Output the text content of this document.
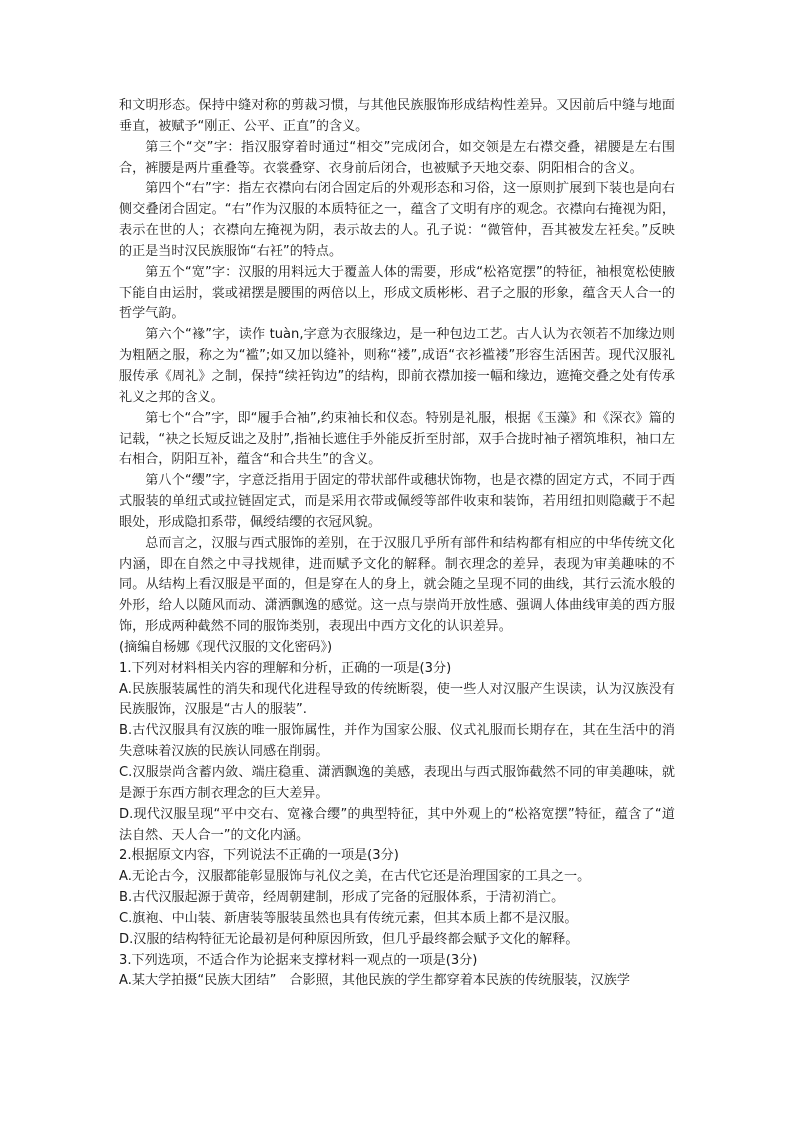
和文明形态。保持中缝对称的剪裁习惯，与其他民族服饰形成结构性差异。又因前后中缝与地面垂直，被赋予“刚正、公平、正直”的含义。

第三个“交”字：指汉服穿着时通过“相交”完成闭合，如交领是左右襟交叠，裙腰是左右围合，裤腰是两片重叠等。衣裳叠穿、衣身前后闭合，也被赋予天地交泰、阴阳相合的含义。

第四个“右”字：指左衣襟向右闭合固定后的外观形态和习俗，这一原则扩展到下装也是向右侧交叠闭合固定。“右”作为汉服的本质特征之一，蕴含了文明有序的观念。衣襟向右掩视为阳，表示在世的人；衣襟向左掩视为阴，表示故去的人。孔子说：“微管仲，吾其被发左衽矣。”反映的正是当时汉民族服饰“右衽”的特点。

第五个“宽”字：汉服的用料远大于覆盖人体的需要，形成“松袼宽摆”的特征，袖根宽松使腋下能自由运肘，裳或裙摆是腰围的两倍以上，形成文质彬彬、君子之服的形象，蕴含天人合一的哲学气韵。

第六个“褖”字，读作 tuàn,字意为衣服缘边，是一种包边工艺。古人认为衣领若不加缘边则为粗陋之服，称之为“褴”;如又加以缝补，则称“褛”,成语“衣衫褴褛”形容生活困苦。现代汉服礼服传承《周礼》之制，保持“续衽钩边”的结构，即前衣襟加接一幅和缘边，遮掩交叠之处有传承礼义之邦的含义。

第七个“合”字，即“履手合袖”,约束袖长和仪态。特别是礼服，根据《玉藻》和《深衣》篇的记载，“袂之长短反诎之及肘”,指袖长遮住手外能反折至肘部，双手合拢时袖子褶筑堆积，袖口左右相合，阴阳互补，蕴含“和合共生”的含义。

第八个“缨”字，字意泛指用于固定的带状部件或穗状饰物，也是衣襟的固定方式，不同于西式服装的单纽式或拉链固定式，而是采用衣带或佩绶等部件收束和装饰，若用纽扣则隐藏于不起眼处，形成隐扣系带，佩绶结缨的衣冠风貌。

总而言之，汉服与西式服饰的差别，在于汉服几乎所有部件和结构都有相应的中华传统文化内涵，即在自然之中寻找规律，进而赋予文化的解释。制衣理念的差异，表现为审美趣味的不同。从结构上看汉服是平面的，但是穿在人的身上，就会随之呈现不同的曲线，其行云流水般的外形，给人以随风而动、潇洒飘逸的感觉。这一点与崇尚开放性感、强调人体曲线审美的西方服饰，形成两种截然不同的服饰类别，表现出中西方文化的认识差异。

(摘编自杨娜《现代汉服的文化密码》)

1.下列对材料相关内容的理解和分析，正确的一项是(3分)

A.民族服装属性的消失和现代化进程导致的传统断裂，使一些人对汉服产生误读，认为汉族没有民族服饰，汉服是“古人的服装”.

B.古代汉服具有汉族的唯一服饰属性，并作为国家公服、仪式礼服而长期存在，其在生活中的消失意味着汉族的民族认同感在削弱。

C.汉服崇尚含蓄内敛、端庄稳重、潇洒飘逸的美感，表现出与西式服饰截然不同的审美趣味，就是源于东西方制衣理念的巨大差异。

D.现代汉服呈现“平中交右、宽褖合缨”的典型特征，其中外观上的“松袼宽摆”特征，蕴含了“道法自然、天人合一”的文化内涵。

2.根据原文内容，下列说法不正确的一项是(3分)

A.无论古今，汉服都能彰显服饰与礼仪之美，在古代它还是治理国家的工具之一。

B.古代汉服起源于黄帝，经周朝建制，形成了完备的冠服体系，于清初消亡。

C.旗袍、中山装、新唐装等服装虽然也具有传统元素，但其本质上都不是汉服。

D.汉服的结构特征无论最初是何种原因所致，但几乎最终都会赋予文化的解释。

3.下列选项，不适合作为论据来支撑材料一观点的一项是(3分)

A.某大学拍摄“民族大团结”　合影照，其他民族的学生都穿着本民族的传统服装，汉族学
